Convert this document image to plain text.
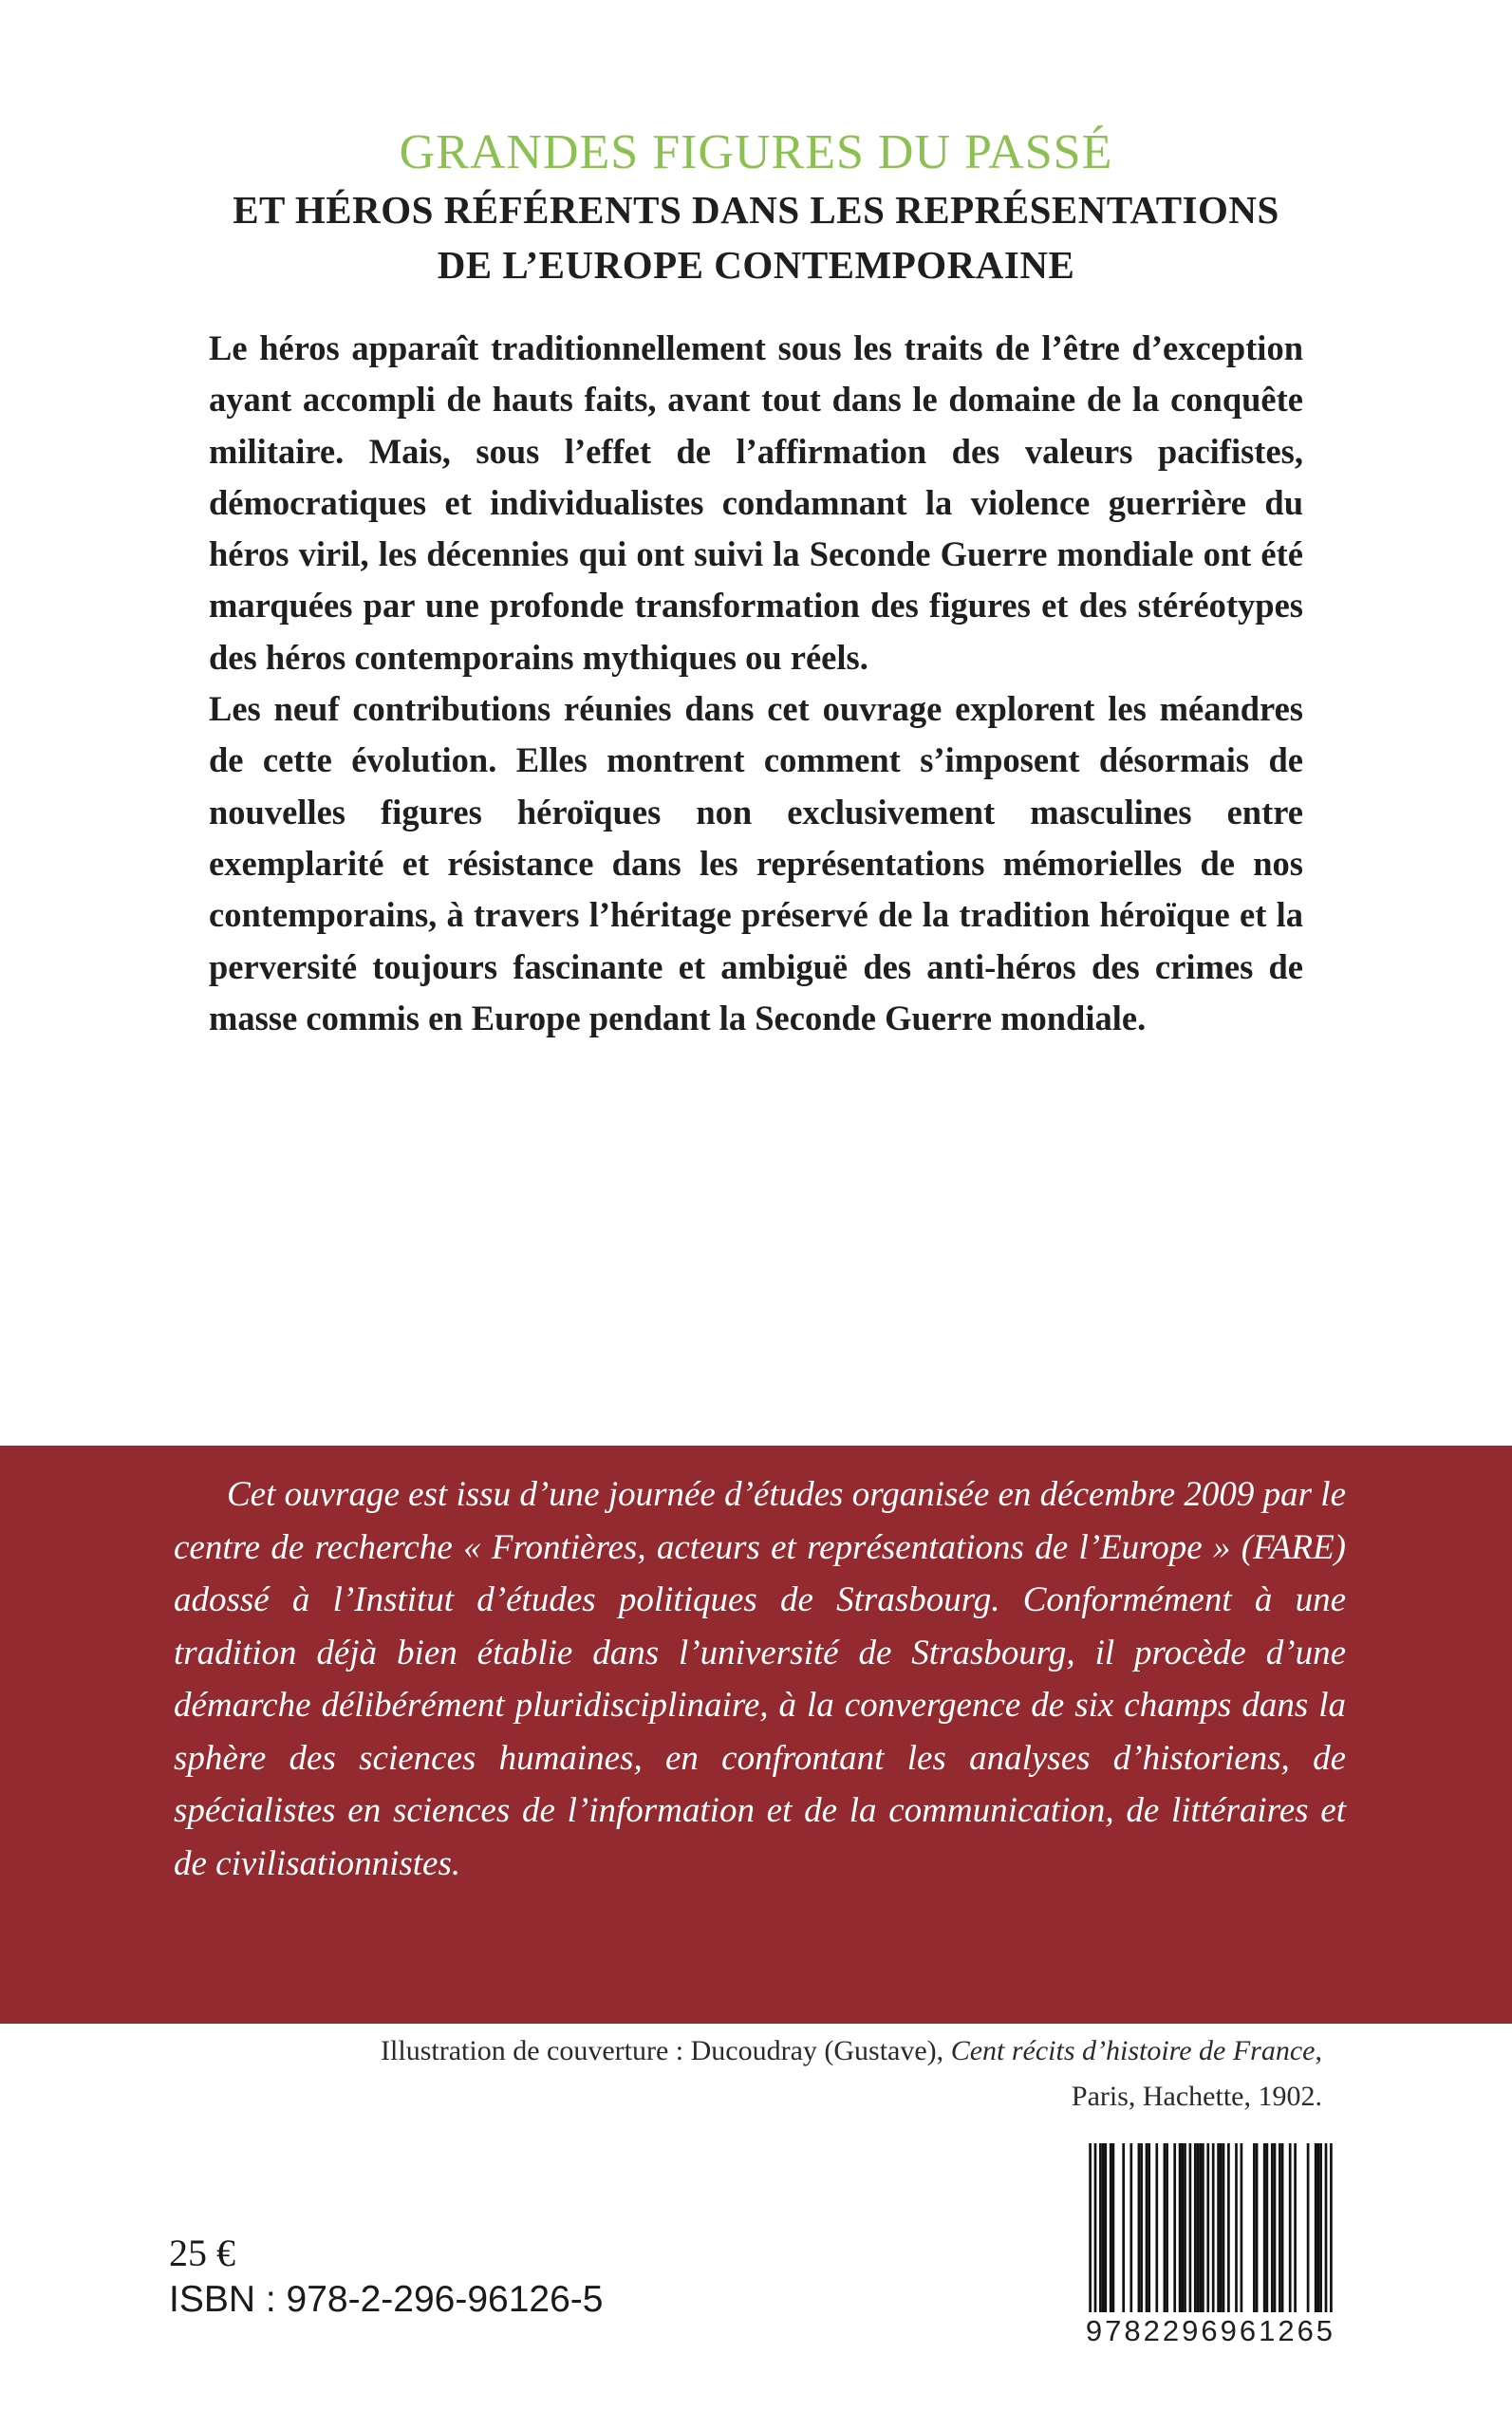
GRANDES FIGURES DU PASSÉ
ET HÉROS RÉFÉRENTS DANS LES REPRÉSENTATIONS
DE L’EUROPE CONTEMPORAINE

Le héros apparaît traditionnellement sous les traits de l’être d’exception ayant accompli de hauts faits, avant tout dans le domaine de la conquête militaire. Mais, sous l’effet de l’affirmation des valeurs pacifistes, démocratiques et individualistes condamnant la violence guerrière du héros viril, les décennies qui ont suivi la Seconde Guerre mondiale ont été marquées par une profonde transformation des figures et des stéréotypes des héros contemporains mythiques ou réels.

Les neuf contributions réunies dans cet ouvrage explorent les méandres de cette évolution. Elles montrent comment s’imposent désormais de nouvelles figures héroïques non exclusivement masculines entre exemplarité et résistance dans les représentations mémorielles de nos contemporains, à travers l’héritage préservé de la tradition héroïque et la perversité toujours fascinante et ambiguë des anti-héros des crimes de masse commis en Europe pendant la Seconde Guerre mondiale.

Cet ouvrage est issu d’une journée d’études organisée en décembre 2009 par le centre de recherche « Frontières, acteurs et représentations de l’Europe » (FARE) adossé à l’Institut d’études politiques de Strasbourg. Conformément à une tradition déjà bien établie dans l’université de Strasbourg, il procède d’une démarche délibérément pluridisciplinaire, à la convergence de six champs dans la sphère des sciences humaines, en confrontant les analyses d’historiens, de spécialistes en sciences de l’information et de la communication, de littéraires et de civilisationnistes.

Illustration de couverture : Ducoudray (Gustave), Cent récits d’histoire de France,
Paris, Hachette, 1902.
25 €
ISBN : 978-2-296-96126-5
9782296961265
